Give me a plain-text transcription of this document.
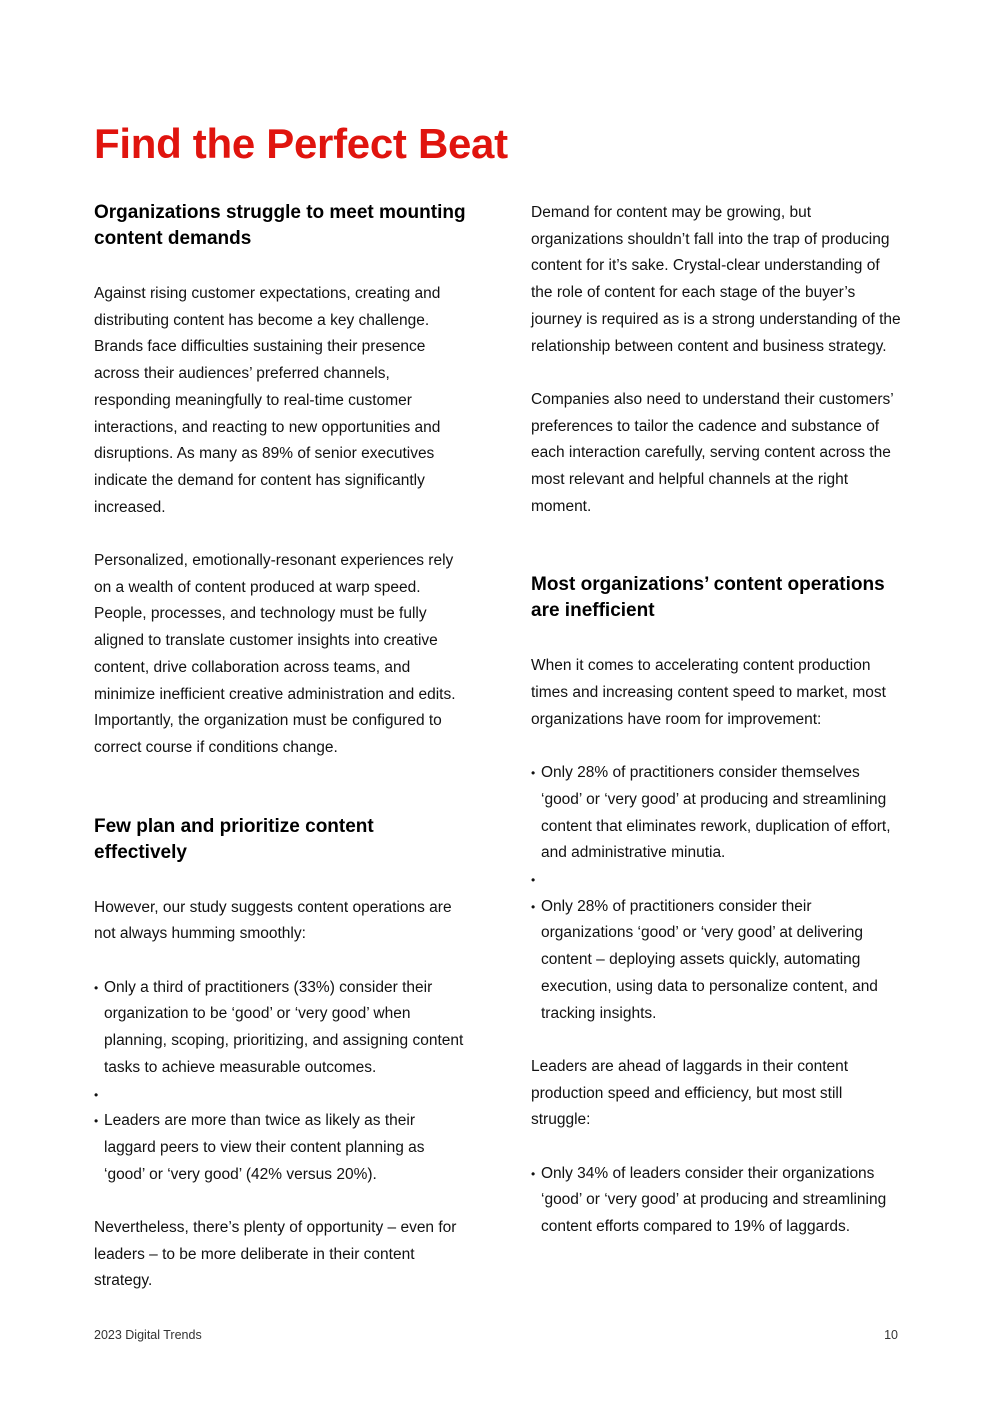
Find the Perfect Beat
Organizations struggle to meet mounting content demands

Against rising customer expectations, creating and distributing content has become a key challenge. Brands face difficulties sustaining their presence across their audiences’ preferred channels, responding meaningfully to real-time customer interactions, and reacting to new opportunities and disruptions. As many as 89% of senior executives indicate the demand for content has significantly increased.

Personalized, emotionally-resonant experiences rely on a wealth of content produced at warp speed. People, processes, and technology must be fully aligned to translate customer insights into creative content, drive collaboration across teams, and minimize inefficient creative administration and edits. Importantly, the organization must be configured to correct course if conditions change.

Few plan and prioritize content effectively

However, our study suggests content operations are not always humming smoothly:

• Only a third of practitioners (33%) consider their organization to be ‘good’ or ‘very good’ when planning, scoping, prioritizing, and assigning content tasks to achieve measurable outcomes.
•
• Leaders are more than twice as likely as their laggard peers to view their content planning as ‘good’ or ‘very good’ (42% versus 20%).

Nevertheless, there’s plenty of opportunity – even for leaders – to be more deliberate in their content strategy.

Demand for content may be growing, but organizations shouldn’t fall into the trap of producing content for it’s sake. Crystal-clear understanding of the role of content for each stage of the buyer’s journey is required as is a strong understanding of the relationship between content and business strategy.

Companies also need to understand their customers’ preferences to tailor the cadence and substance of each interaction carefully, serving content across the most relevant and helpful channels at the right moment.

Most organizations’ content operations are inefficient

When it comes to accelerating content production times and increasing content speed to market, most organizations have room for improvement:

• Only 28% of practitioners consider themselves ‘good’ or ‘very good’ at producing and streamlining content that eliminates rework, duplication of effort, and administrative minutia.
•
• Only 28% of practitioners consider their organizations ‘good’ or ‘very good’ at delivering content – deploying assets quickly, automating execution, using data to personalize content, and tracking insights.

Leaders are ahead of laggards in their content production speed and efficiency, but most still struggle:

• Only 34% of leaders consider their organizations ‘good’ or ‘very good’ at producing and streamlining content efforts compared to 19% of laggards.
2023 Digital Trends	10
